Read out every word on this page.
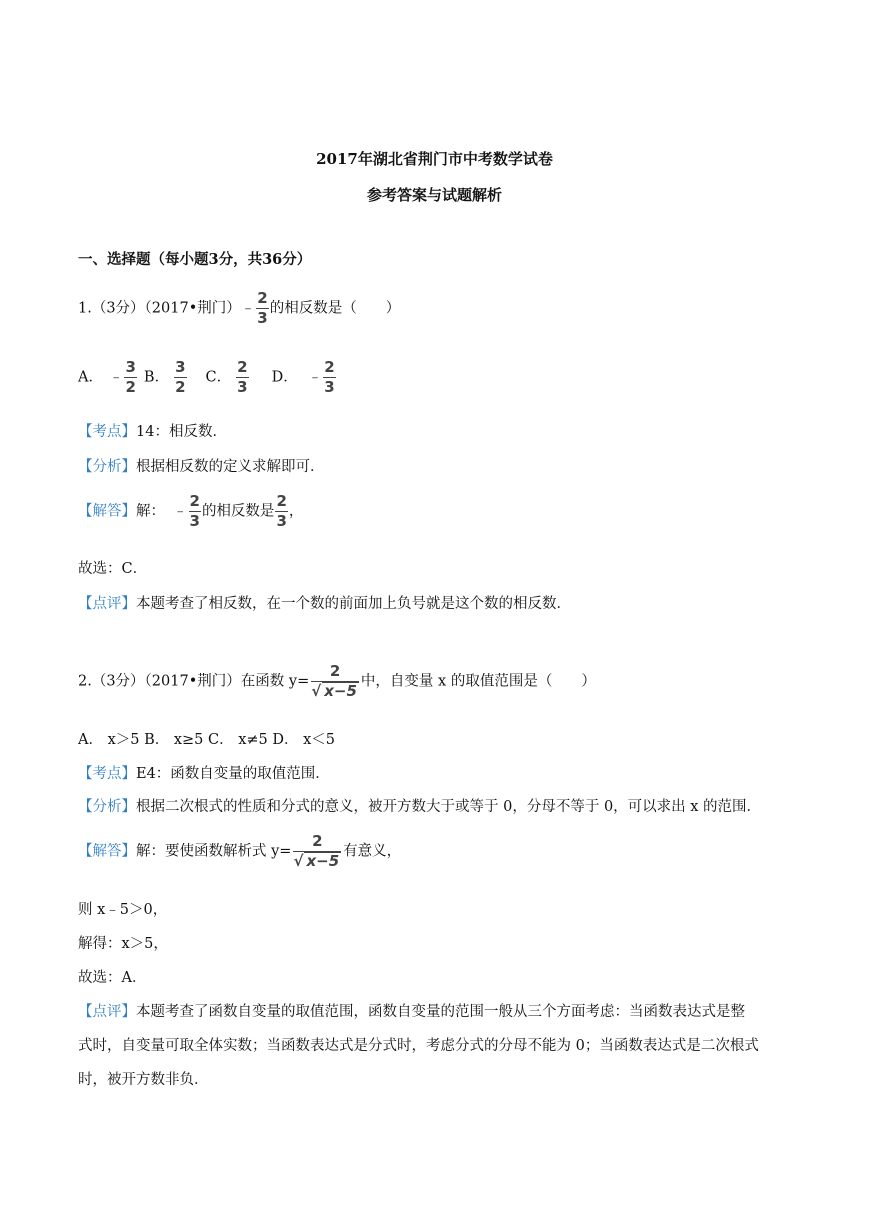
2017年湖北省荆门市中考数学试卷
参考答案与试题解析
一、选择题（每小题3分，共36分）
1.（3分）（2017•荆门）﹣ $\frac{2}{3}$ 的相反数是（　　）
A． ﹣ $\frac{3}{2}$ B． $\frac{3}{2}$ C． $\frac{2}{3}$ D． ﹣ $\frac{2}{3}$
【考点】14：相反数．
【分析】根据相反数的定义求解即可．
【解答】解： ﹣ $\frac{2}{3}$ 的相反数是 $\frac{2}{3}$ ，
故选：C．
【点评】本题考查了相反数，在一个数的前面加上负号就是这个数的相反数．
2.（3分）（2017•荆门）在函数 y=
2
√ x−5
中，自变量 x 的取值范围是（　　）
A． x＞5 B． x≥5 C． x≠5 D． x＜5
【考点】E4：函数自变量的取值范围．
【分析】根据二次根式的性质和分式的意义，被开方数大于或等于 0，分母不等于 0，可以求出 x 的范围．
【解答】解：要使函数解析式 y=
2
√ x−5
有意义，
则 x﹣5＞0，
解得：x＞5，
故选：A．
【点评】本题考查了函数自变量的取值范围，函数自变量的范围一般从三个方面考虑：当函数表达式是整
式时，自变量可取全体实数；当函数表达式是分式时，考虑分式的分母不能为 0；当函数表达式是二次根式
时，被开方数非负．
